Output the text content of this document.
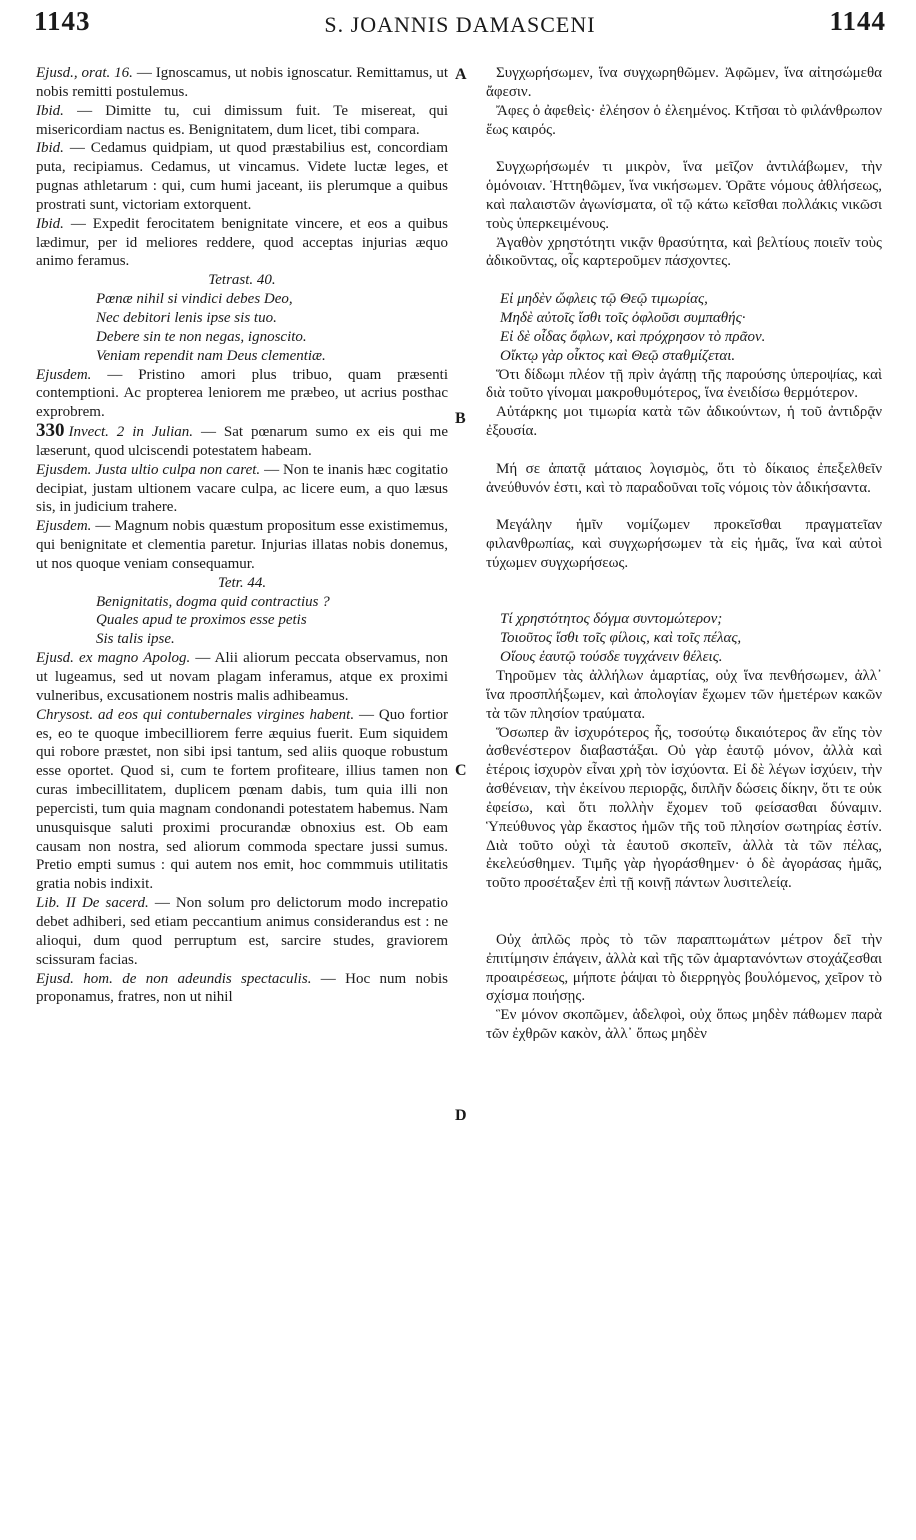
1143	S. JOANNIS DAMASCENI	1144

Ejusd., orat. 16. — Ignoscamus, ut nobis ignoscatur. Remittamus, ut nobis remitti postulemus.

Ibid. — Dimitte tu, cui dimissum fuit. Te misereat, qui misericordiam nactus es. Benignitatem, dum licet, tibi compara.

Ibid. — Cedamus quidpiam, ut quod præstabilius est, concordiam puta, recipiamus. Cedamus, ut vincamus. Videte luctæ leges, et pugnas athletarum : qui, cum humi jaceant, iis plerumque a quibus prostrati sunt, victoriam extorquent.

Ibid. — Expedit ferocitatem benignitate vincere, et eos a quibus lædimur, per id meliores reddere, quod acceptas injurias æquo animo feramus.

Tetrast. 40.

Pœnæ nihil si vindici debes Deo,
Nec debitori lenis ipse sis tuo.
Debere sin te non negas, ignoscito.
Veniam rependit nam Deus clementiæ.

Ejusdem. — Pristino amori plus tribuo, quam præsenti contemptioni. Ac propterea leniorem me præbeo, ut acrius posthac exprobrem.

330 Invect. 2 in Julian. — Sat pœnarum sumo ex eis qui me læserunt, quod ulciscendi potestatem habeam.

Ejusdem. Justa ultio culpa non caret. — Non te inanis hæc cogitatio decipiat, justam ultionem vacare culpa, ac licere eum, a quo læsus sis, in judicium trahere.

Ejusdem. — Magnum nobis quæstum propositum esse existimemus, qui benignitate et clementia paretur. Injurias illatas nobis donemus, ut nos quoque veniam consequamur.

Tetr. 44.

Benignitatis, dogma quid contractius ?
Quales apud te proximos esse petis
Sis talis ipse.

Ejusd. ex magno Apolog. — Alii aliorum peccata observamus, non ut lugeamus, sed ut novam plagam inferamus, atque ex proximi vulneribus, excusationem nostris malis adhibeamus.

Chrysost. ad eos qui contubernales virgines habent. — Quo fortior es, eo te quoque imbecilliorem ferre æquius fuerit. Eum siquidem qui robore præstet, non sibi ipsi tantum, sed aliis quoque robustum esse oportet. Quod si, cum te fortem profiteare, illius tamen non curas imbecillitatem, duplicem pœnam dabis, tum quia illi non pepercisti, tum quia magnam condonandi potestatem habemus. Nam unusquisque saluti proximi procurandæ obnoxius est. Ob eam causam non nostra, sed aliorum commoda spectare jussi sumus. Pretio empti sumus : qui autem nos emit, hoc commmuis utilitatis gratia nobis indixit.

Lib. II De sacerd. — Non solum pro delictorum modo increpatio debet adhiberi, sed etiam peccantium animus considerandus est : ne alioqui, dum quod perruptum est, sarcire studes, graviorem scissuram facias.

Ejusd. hom. de non adeundis spectaculis. — Hoc num nobis proponamus, fratres, non ut nihil

Συγχωρήσωμεν, ἵνα συγχωρηθῶμεν. Ἀφῶμεν, ἵνα αἰτησώμεθα ἄφεσιν.

Ἄφες ὁ ἀφεθεὶς· ἐλέησον ὁ ἐλεημένος. Κτῆσαι τὸ φιλάνθρωπον ἕως καιρός.

Συγχωρήσωμέν τι μικρὸν, ἵνα μεῖζον ἀντιλάβωμεν, τὴν ὁμόνοιαν. Ἡττηθῶμεν, ἵνα νικήσωμεν. Ὁρᾶτε νόμους ἀθλήσεως, καὶ παλαιστῶν ἀγωνίσματα, οἳ τῷ κάτω κεῖσθαι πολλάκις νικῶσι τοὺς ὑπερκειμένους.

Ἀγαθὸν χρηστότητι νικᾷν θρασύτητα, καὶ βελτίους ποιεῖν τοὺς ἀδικοῦντας, οἷς καρτεροῦμεν πάσχοντες.

Εἰ μηδὲν ὤφλεις τῷ Θεῷ τιμωρίας,
Μηδὲ αὐτοῖς ἴσθι τοῖς ὀφλοῦσι συμπαθής·
Εἰ δὲ οἶδας ὄφλων, καὶ πρόχρησον τὸ πρᾶον.
Οἴκτῳ γὰρ οἶκτος καὶ Θεῷ σταθμίζεται.

Ὅτι δίδωμι πλέον τῇ πρὶν ἀγάπῃ τῆς παρούσης ὑπεροψίας, καὶ διὰ τοῦτο γίνομαι μακροθυμότερος, ἵνα ἐνειδίσω θερμότερον.

Αὐτάρκης μοι τιμωρία κατὰ τῶν ἀδικούντων, ἡ τοῦ ἀντιδρᾷν ἐξουσία.

Μή σε ἀπατᾷ μάταιος λογισμὸς, ὅτι τὸ δίκαιος ἐπεξελθεῖν ἀνεύθυνόν ἐστι, καὶ τὸ παραδοῦναι τοῖς νόμοις τὸν ἀδικήσαντα.

Μεγάλην ἡμῖν νομίζωμεν προκεῖσθαι πραγματεῖαν φιλανθρωπίας, καὶ συγχωρήσωμεν τὰ εἰς ἡμᾶς, ἵνα καὶ αὐτοὶ τύχωμεν συγχωρήσεως.

Τί χρηστότητος δόγμα συντομώτερον;
Τοιοῦτος ἴσθι τοῖς φίλοις, καὶ τοῖς πέλας,
Οἵους ἑαυτῷ τούσδε τυγχάνειν θέλεις.

Τηροῦμεν τὰς ἀλλήλων ἁμαρτίας, οὐχ ἵνα πενθήσωμεν, ἀλλ᾿ ἵνα προσπλήξωμεν, καὶ ἀπολογίαν ἔχωμεν τῶν ἡμετέρων κακῶν τὰ τῶν πλησίον τραύματα.

Ὅσωπερ ἂν ἰσχυρότερος ἦς, τοσούτῳ δικαιότερος ἂν εἴης τὸν ἀσθενέστερον διαβαστάξαι. Οὐ γὰρ ἑαυτῷ μόνον, ἀλλὰ καὶ ἑτέροις ἰσχυρὸν εἶναι χρὴ τὸν ἰσχύοντα. Εἰ δὲ λέγων ἰσχύειν, τὴν ἀσθένειαν, τὴν ἐκείνου περιορᾷς, διπλῆν δώσεις δίκην, ὅτι τε οὐκ ἐφείσω, καὶ ὅτι πολλὴν ἔχομεν τοῦ φείσασθαι δύναμιν. Ὑπεύθυνος γὰρ ἕκαστος ἡμῶν τῆς τοῦ πλησίον σωτηρίας ἐστίν. Διὰ τοῦτο οὐχὶ τὰ ἑαυτοῦ σκοπεῖν, ἀλλὰ τὰ τῶν πέλας, ἐκελεύσθημεν. Τιμῆς γὰρ ἠγοράσθημεν· ὁ δὲ ἀγοράσας ἡμᾶς, τοῦτο προσέταξεν ἐπὶ τῇ κοινῇ πάντων λυσιτελείᾳ.

Οὐχ ἁπλῶς πρὸς τὸ τῶν παραπτωμάτων μέτρον δεῖ τὴν ἐπιτίμησιν ἐπάγειν, ἀλλὰ καὶ τῆς τῶν ἁμαρτανόντων στοχάζεσθαι προαιρέσεως, μήποτε ῥάψαι τὸ διερρηγὸς βουλόμενος, χεῖρον τὸ σχίσμα ποιήσῃς.

Ἓν μόνον σκοπῶμεν, ἀδελφοὶ, οὐχ ὅπως μηδὲν πάθωμεν παρὰ τῶν ἐχθρῶν κακὸν, ἀλλ᾿ ὅπως μηδὲν

A
B
C
D
